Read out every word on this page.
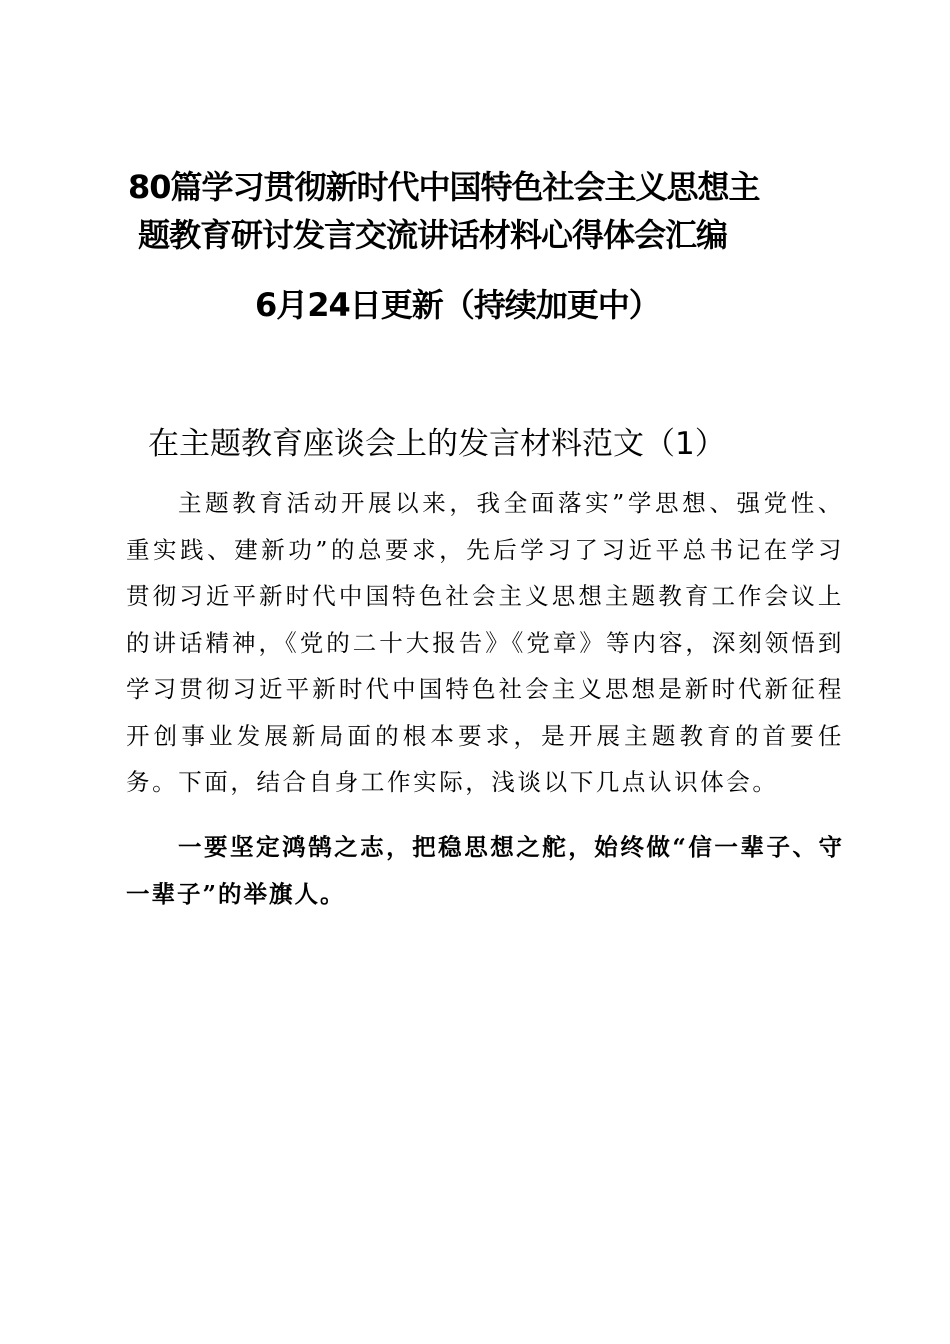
80篇学习贯彻新时代中国特色社会主义思想主
题教育研讨发言交流讲话材料心得体会汇编
6月24日更新（持续加更中）
在主题教育座谈会上的发言材料范文（1）

主题教育活动开展以来，我全面落实”学思想、强党性、重实践、建新功”的总要求，先后学习了习近平总书记在学习贯彻习近平新时代中国特色社会主义思想主题教育工作会议上的讲话精神，《党的二十大报告》《党章》等内容，深刻领悟到学习贯彻习近平新时代中国特色社会主义思想是新时代新征程开创事业发展新局面的根本要求，是开展主题教育的首要任务。下面，结合自身工作实际，浅谈以下几点认识体会。

一要坚定鸿鹄之志，把稳思想之舵，始终做“信一辈子、守一辈子”的举旗人。
